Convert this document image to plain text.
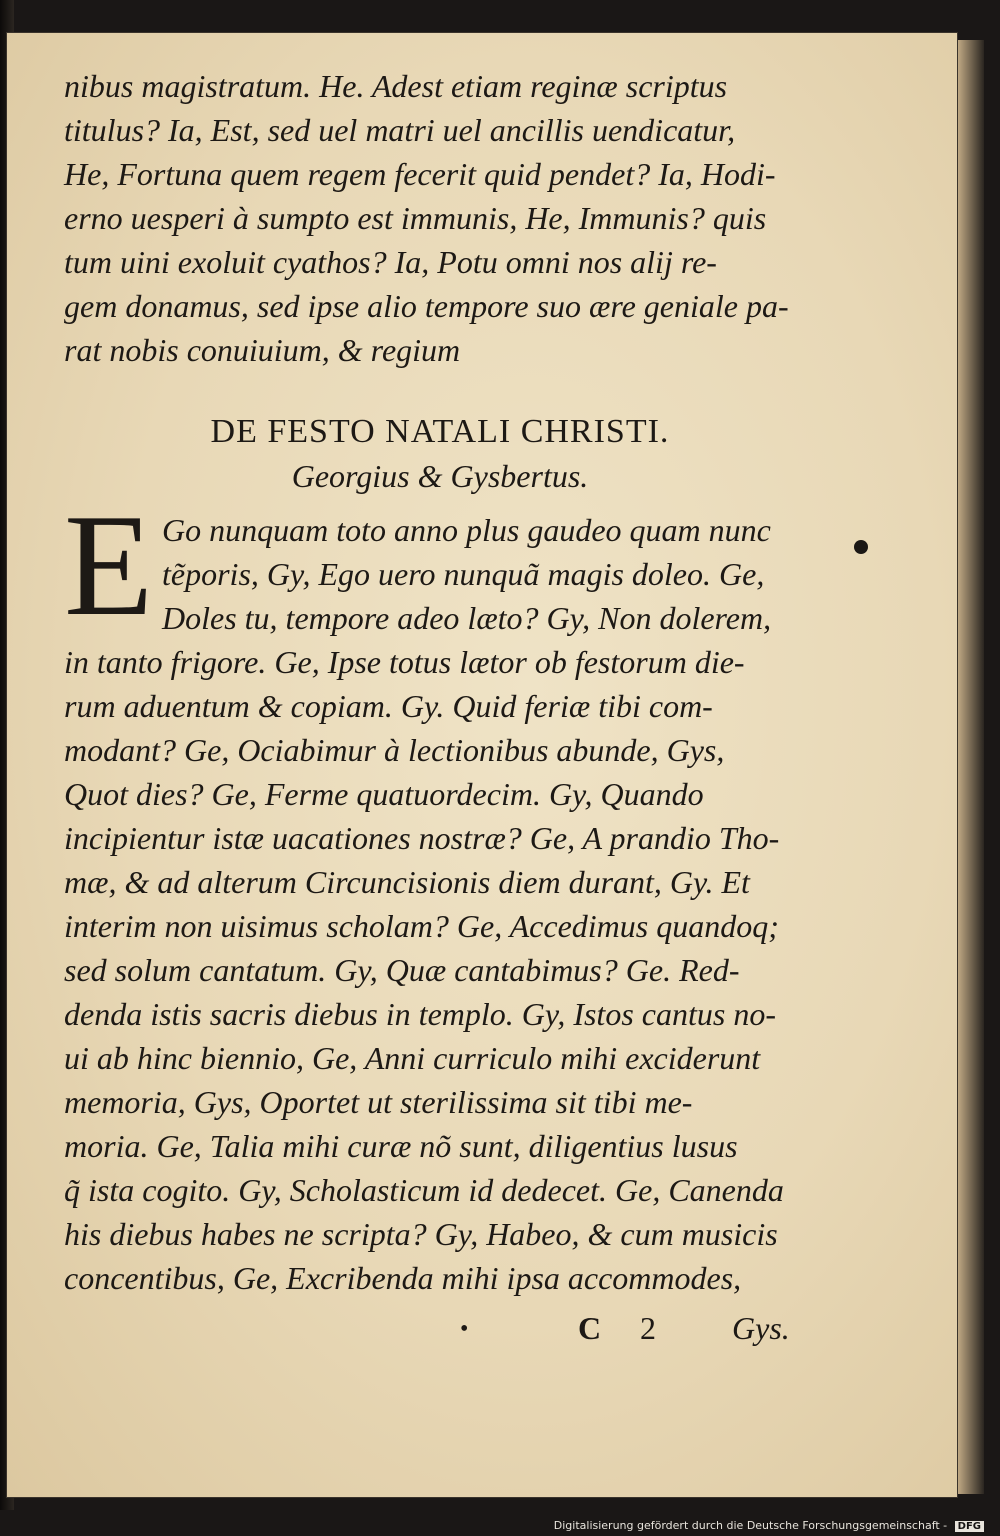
nibus magistratum. He. Adest etiam reginæ scriptus
titulus? Ia, Est, sed uel matri uel ancillis uendicatur,
He, Fortuna quem regem fecerit quid pendet? Ia, Hodi-
erno uesperi à sumpto est immunis, He, Immunis? quis
tum uini exoluit cyathos? Ia, Potu omni nos alij re-
gem donamus, sed ipse alio tempore suo ære geniale pa-
rat nobis conuiuium, & regium
DE FESTO NATALI CHRISTI.
Georgius & Gysbertus.
E Go nunquam toto anno plus gaudeo quam nunc
tẽporis, Gy, Ego uero nunquã magis doleo. Ge,
Doles tu, tempore adeo læto? Gy, Non dolerem,
in tanto frigore. Ge, Ipse totus lætor ob festorum die-
rum aduentum & copiam. Gy. Quid feriæ tibi com-
modant? Ge, Ociabimur à lectionibus abunde, Gys,
Quot dies? Ge, Ferme quatuordecim. Gy, Quando
incipientur istæ uacationes nostræ? Ge, A prandio Tho-
mæ, & ad alterum Circuncisionis diem durant, Gy. Et
interim non uisimus scholam? Ge, Accedimus quandoq;
sed solum cantatum. Gy, Quæ cantabimus? Ge. Red-
denda istis sacris diebus in templo. Gy, Istos cantus no-
ui ab hinc biennio, Ge, Anni curriculo mihi exciderunt
memoria, Gys, Oportet ut sterilissima sit tibi me-
moria. Ge, Talia mihi curæ nõ sunt, diligentius lusus
q̃ ista cogito. Gy, Scholasticum id dedecet. Ge, Canenda
his diebus habes ne scripta? Gy, Habeo, & cum musicis
concentibus, Ge, Excribenda mihi ipsa accommodes,
•	C 2 Gys.
Digitalisierung gefördert durch die Deutsche Forschungsgemeinschaft - DFG
